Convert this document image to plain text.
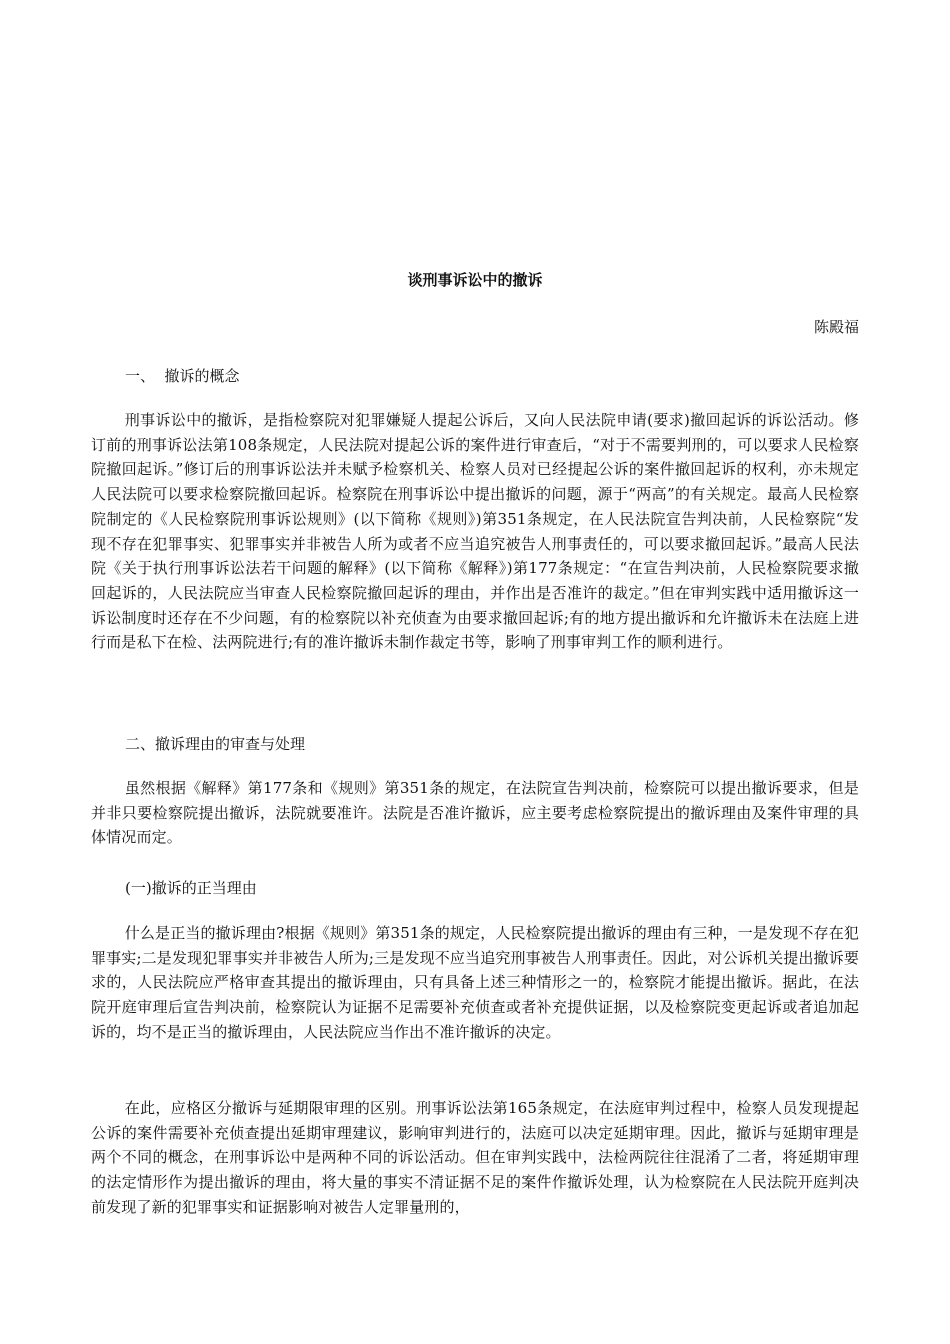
谈刑事诉讼中的撤诉
陈殿福
一、  撤诉的概念
刑事诉讼中的撤诉，是指检察院对犯罪嫌疑人提起公诉后，又向人民法院申请(要求)撤回起诉的诉讼活动。修订前的刑事诉讼法第108条规定，人民法院对提起公诉的案件进行审查后，“对于不需要判刑的，可以要求人民检察院撤回起诉。”修订后的刑事诉讼法并未赋予检察机关、检察人员对已经提起公诉的案件撤回起诉的权利，亦未规定人民法院可以要求检察院撤回起诉。检察院在刑事诉讼中提出撤诉的问题，源于“两高”的有关规定。最高人民检察院制定的《人民检察院刑事诉讼规则》(以下简称《规则》)第351条规定，在人民法院宣告判决前，人民检察院“发现不存在犯罪事实、犯罪事实并非被告人所为或者不应当追究被告人刑事责任的，可以要求撤回起诉。”最高人民法院《关于执行刑事诉讼法若干问题的解释》(以下简称《解释》)第177条规定：“在宣告判决前，人民检察院要求撤回起诉的，人民法院应当审查人民检察院撤回起诉的理由，并作出是否准许的裁定。”但在审判实践中适用撤诉这一诉讼制度时还存在不少问题，有的检察院以补充侦查为由要求撤回起诉;有的地方提出撤诉和允许撤诉未在法庭上进行而是私下在检、法两院进行;有的准许撤诉未制作裁定书等，影响了刑事审判工作的顺利进行。
二、撤诉理由的审查与处理
虽然根据《解释》第177条和《规则》第351条的规定，在法院宣告判决前，检察院可以提出撤诉要求，但是并非只要检察院提出撤诉，法院就要准许。法院是否准许撤诉，应主要考虑检察院提出的撤诉理由及案件审理的具体情况而定。
(一)撤诉的正当理由
什么是正当的撤诉理由?根据《规则》第351条的规定，人民检察院提出撤诉的理由有三种，一是发现不存在犯罪事实;二是发现犯罪事实并非被告人所为;三是发现不应当追究刑事被告人刑事责任。因此，对公诉机关提出撤诉要求的，人民法院应严格审查其提出的撤诉理由，只有具备上述三种情形之一的，检察院才能提出撤诉。据此，在法院开庭审理后宣告判决前，检察院认为证据不足需要补充侦查或者补充提供证据，以及检察院变更起诉或者追加起诉的，均不是正当的撤诉理由，人民法院应当作出不准许撤诉的决定。
在此，应格区分撤诉与延期限审理的区别。刑事诉讼法第165条规定，在法庭审判过程中，检察人员发现提起公诉的案件需要补充侦查提出延期审理建议，影响审判进行的，法庭可以决定延期审理。因此，撤诉与延期审理是两个不同的概念，在刑事诉讼中是两种不同的诉讼活动。但在审判实践中，法检两院往往混淆了二者，将延期审理的法定情形作为提出撤诉的理由，将大量的事实不清证据不足的案件作撤诉处理，认为检察院在人民法院开庭判决前发现了新的犯罪事实和证据影响对被告人定罪量刑的，
